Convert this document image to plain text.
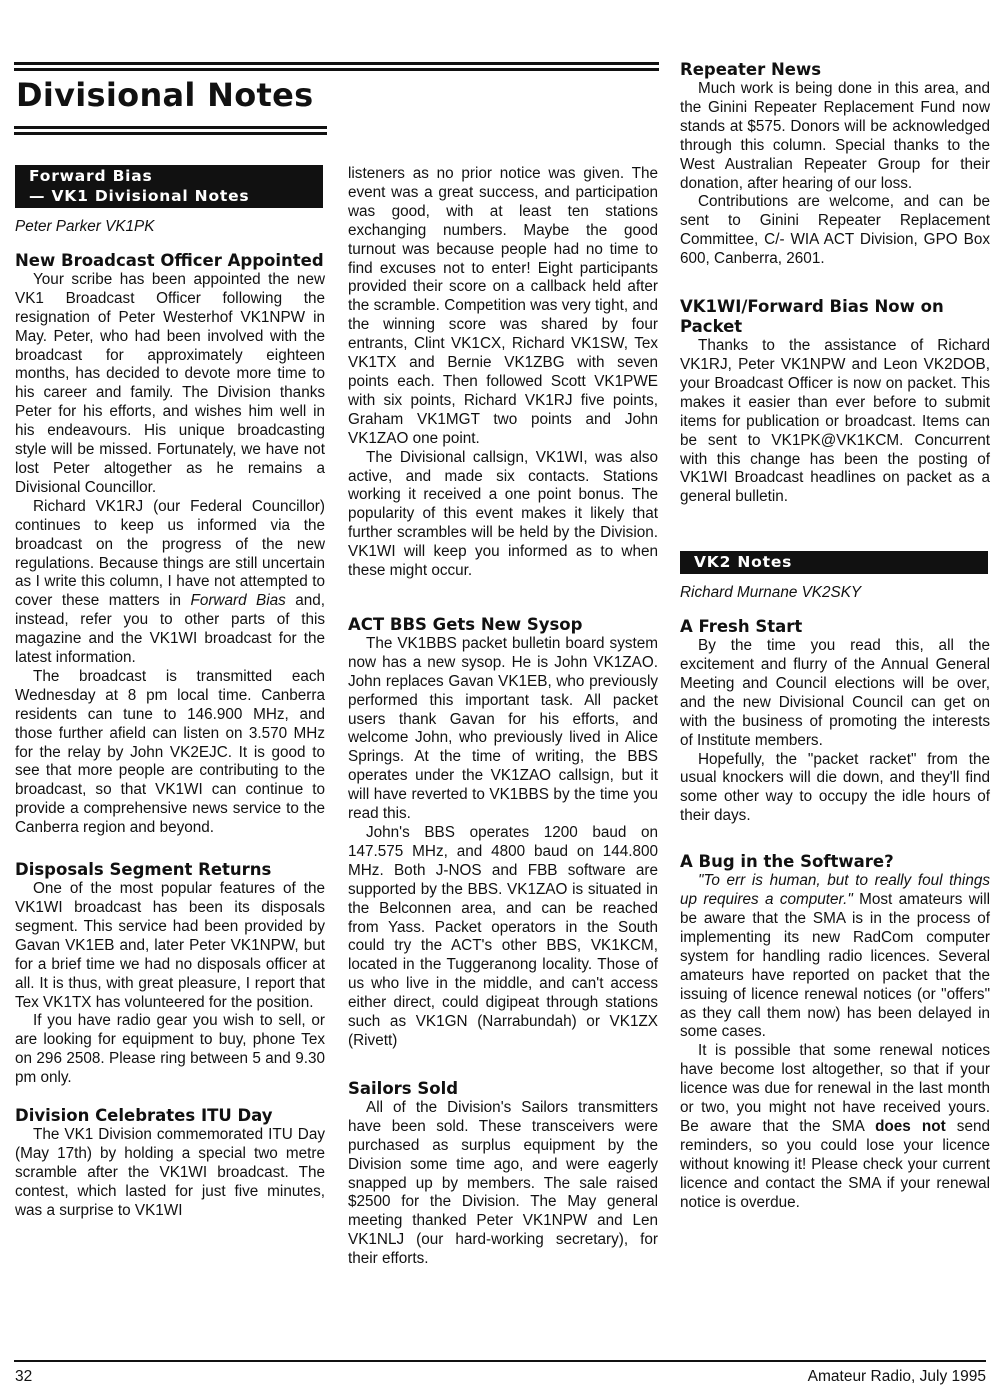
Divisional Notes
Forward Bias
— VK1 Divisional Notes

Peter Parker VK1PK

New Broadcast Officer Appointed

Your scribe has been appointed the new VK1 Broadcast Officer following the resignation of Peter Westerhof VK1NPW in May. Peter, who had been involved with the broadcast for approximately eighteen months, has decided to devote more time to his career and family. The Division thanks Peter for his efforts, and wishes him well in his endeavours. His unique broadcasting style will be missed. Fortunately, we have not lost Peter altogether as he remains a Divisional Councillor.

Richard VK1RJ (our Federal Councillor) continues to keep us informed via the broadcast on the progress of the new regulations. Because things are still uncertain as I write this column, I have not attempted to cover these matters in Forward Bias and, instead, refer you to other parts of this magazine and the VK1WI broadcast for the latest information.

The broadcast is transmitted each Wednesday at 8 pm local time. Canberra residents can tune to 146.900 MHz, and those further afield can listen on 3.570 MHz for the relay by John VK2EJC. It is good to see that more people are contributing to the broadcast, so that VK1WI can continue to provide a comprehensive news service to the Canberra region and beyond.

Disposals Segment Returns

One of the most popular features of the VK1WI broadcast has been its disposals segment. This service had been provided by Gavan VK1EB and, later Peter VK1NPW, but for a brief time we had no disposals officer at all. It is thus, with great pleasure, I report that Tex VK1TX has volunteered for the position.

If you have radio gear you wish to sell, or are looking for equipment to buy, phone Tex on 296 2508. Please ring between 5 and 9.30 pm only.

Division Celebrates ITU Day

The VK1 Division commemorated ITU Day (May 17th) by holding a special two metre scramble after the VK1WI broadcast. The contest, which lasted for just five minutes, was a surprise to VK1WI

listeners as no prior notice was given. The event was a great success, and participation was good, with at least ten stations exchanging numbers. Maybe the good turnout was because people had no time to find excuses not to enter! Eight participants provided their score on a callback held after the scramble. Competition was very tight, and the winning score was shared by four entrants, Clint VK1CX, Richard VK1SW, Tex VK1TX and Bernie VK1ZBG with seven points each. Then followed Scott VK1PWE with six points, Richard VK1RJ five points, Graham VK1MGT two points and John VK1ZAO one point.

The Divisional callsign, VK1WI, was also active, and made six contacts. Stations working it received a one point bonus. The popularity of this event makes it likely that further scrambles will be held by the Division. VK1WI will keep you informed as to when these might occur.

ACT BBS Gets New Sysop

The VK1BBS packet bulletin board system now has a new sysop. He is John VK1ZAO. John replaces Gavan VK1EB, who previously performed this important task. All packet users thank Gavan for his efforts, and welcome John, who previously lived in Alice Springs. At the time of writing, the BBS operates under the VK1ZAO callsign, but it will have reverted to VK1BBS by the time you read this.

John's BBS operates 1200 baud on 147.575 MHz, and 4800 baud on 144.800 MHz. Both J-NOS and FBB software are supported by the BBS. VK1ZAO is situated in the Belconnen area, and can be reached from Yass. Packet operators in the South could try the ACT's other BBS, VK1KCM, located in the Tuggeranong locality. Those of us who live in the middle, and can't access either direct, could digipeat through stations such as VK1GN (Narrabundah) or VK1ZX (Rivett)

Sailors Sold

All of the Division's Sailors transmitters have been sold. These transceivers were purchased as surplus equipment by the Division some time ago, and were eagerly snapped up by members. The sale raised $2500 for the Division. The May general meeting thanked Peter VK1NPW and Len VK1NLJ (our hard-working secretary), for their efforts.

Repeater News

Much work is being done in this area, and the Ginini Repeater Replacement Fund now stands at $575. Donors will be acknowledged through this column. Special thanks to the West Australian Repeater Group for their donation, after hearing of our loss.

Contributions are welcome, and can be sent to Ginini Repeater Replacement Committee, C/- WIA ACT Division, GPO Box 600, Canberra, 2601.

VK1WI/Forward Bias Now on Packet

Thanks to the assistance of Richard VK1RJ, Peter VK1NPW and Leon VK2DOB, your Broadcast Officer is now on packet. This makes it easier than ever before to submit items for publication or broadcast. Items can be sent to VK1PK@VK1KCM. Concurrent with this change has been the posting of VK1WI Broadcast headlines on packet as a general bulletin.

VK2 Notes

Richard Murnane VK2SKY

A Fresh Start

By the time you read this, all the excitement and flurry of the Annual General Meeting and Council elections will be over, and the new Divisional Council can get on with the business of promoting the interests of Institute members.

Hopefully, the "packet racket" from the usual knockers will die down, and they'll find some other way to occupy the idle hours of their days.

A Bug in the Software?

"To err is human, but to really foul things up requires a computer." Most amateurs will be aware that the SMA is in the process of implementing its new RadCom computer system for handling radio licences. Several amateurs have reported on packet that the issuing of licence renewal notices (or "offers" as they call them now) has been delayed in some cases.

It is possible that some renewal notices have become lost altogether, so that if your licence was due for renewal in the last month or two, you might not have received yours. Be aware that the SMA does not send reminders, so you could lose your licence without knowing it! Please check your current licence and contact the SMA if your renewal notice is overdue.

32	Amateur Radio, July 1995
